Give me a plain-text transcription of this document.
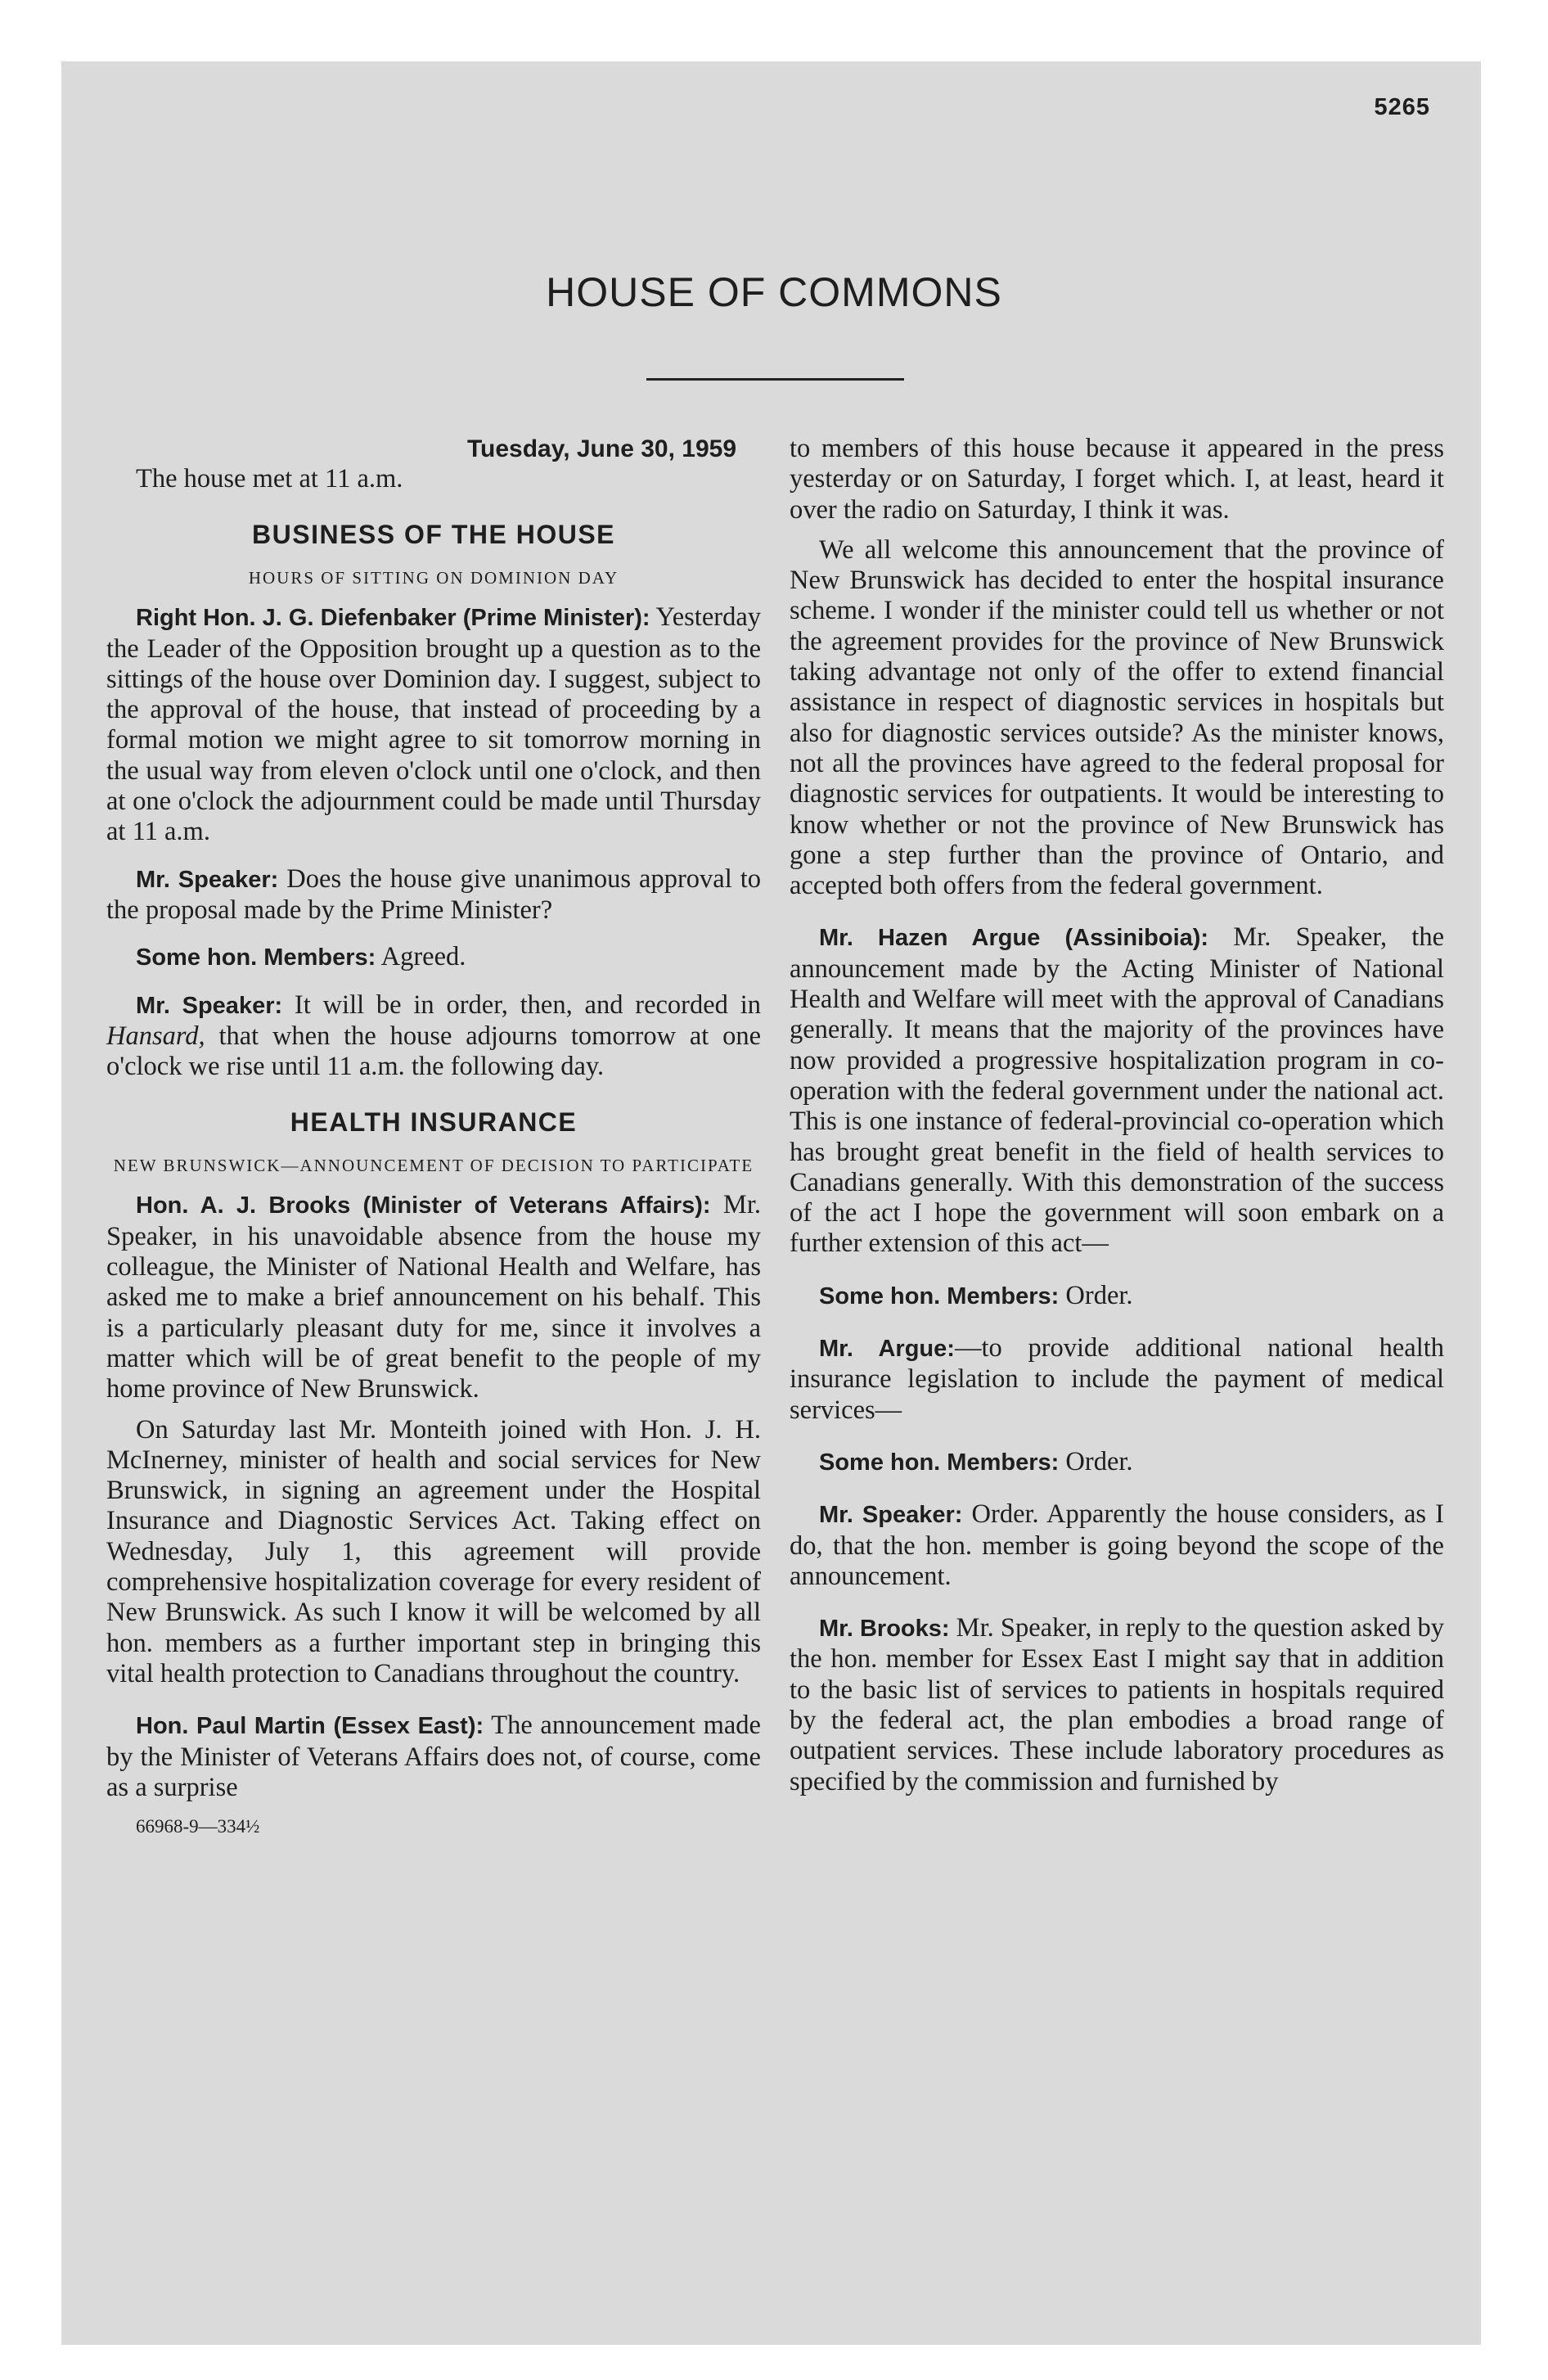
5265
HOUSE OF COMMONS
Tuesday, June 30, 1959

The house met at 11 a.m.

BUSINESS OF THE HOUSE
HOURS OF SITTING ON DOMINION DAY

Right Hon. J. G. Diefenbaker (Prime Minister): Yesterday the Leader of the Opposition brought up a question as to the sittings of the house over Dominion day. I suggest, subject to the approval of the house, that instead of proceeding by a formal motion we might agree to sit tomorrow morning in the usual way from eleven o'clock until one o'clock, and then at one o'clock the adjournment could be made until Thursday at 11 a.m.

Mr. Speaker: Does the house give unanimous approval to the proposal made by the Prime Minister?

Some hon. Members: Agreed.

Mr. Speaker: It will be in order, then, and recorded in Hansard, that when the house adjourns tomorrow at one o'clock we rise until 11 a.m. the following day.

HEALTH INSURANCE
NEW BRUNSWICK—ANNOUNCEMENT OF DECISION TO PARTICIPATE

Hon. A. J. Brooks (Minister of Veterans Affairs): Mr. Speaker, in his unavoidable absence from the house my colleague, the Minister of National Health and Welfare, has asked me to make a brief announcement on his behalf. This is a particularly pleasant duty for me, since it involves a matter which will be of great benefit to the people of my home province of New Brunswick.

On Saturday last Mr. Monteith joined with Hon. J. H. McInerney, minister of health and social services for New Brunswick, in signing an agreement under the Hospital Insurance and Diagnostic Services Act. Taking effect on Wednesday, July 1, this agreement will provide comprehensive hospitalization coverage for every resident of New Brunswick. As such I know it will be welcomed by all hon. members as a further important step in bringing this vital health protection to Canadians throughout the country.

Hon. Paul Martin (Essex East): The announcement made by the Minister of Veterans Affairs does not, of course, come as a surprise

66968-9—334½

to members of this house because it appeared in the press yesterday or on Saturday, I forget which. I, at least, heard it over the radio on Saturday, I think it was.

We all welcome this announcement that the province of New Brunswick has decided to enter the hospital insurance scheme. I wonder if the minister could tell us whether or not the agreement provides for the province of New Brunswick taking advantage not only of the offer to extend financial assistance in respect of diagnostic services in hospitals but also for diagnostic services outside? As the minister knows, not all the provinces have agreed to the federal proposal for diagnostic services for outpatients. It would be interesting to know whether or not the province of New Brunswick has gone a step further than the province of Ontario, and accepted both offers from the federal government.

Mr. Hazen Argue (Assiniboia): Mr. Speaker, the announcement made by the Acting Minister of National Health and Welfare will meet with the approval of Canadians generally. It means that the majority of the provinces have now provided a progressive hospitalization program in co-operation with the federal government under the national act. This is one instance of federal-provincial co-operation which has brought great benefit in the field of health services to Canadians generally. With this demonstration of the success of the act I hope the government will soon embark on a further extension of this act—

Some hon. Members: Order.

Mr. Argue:—to provide additional national health insurance legislation to include the payment of medical services—

Some hon. Members: Order.

Mr. Speaker: Order. Apparently the house considers, as I do, that the hon. member is going beyond the scope of the announcement.

Mr. Brooks: Mr. Speaker, in reply to the question asked by the hon. member for Essex East I might say that in addition to the basic list of services to patients in hospitals required by the federal act, the plan embodies a broad range of outpatient services. These include laboratory procedures as specified by the commission and furnished by
